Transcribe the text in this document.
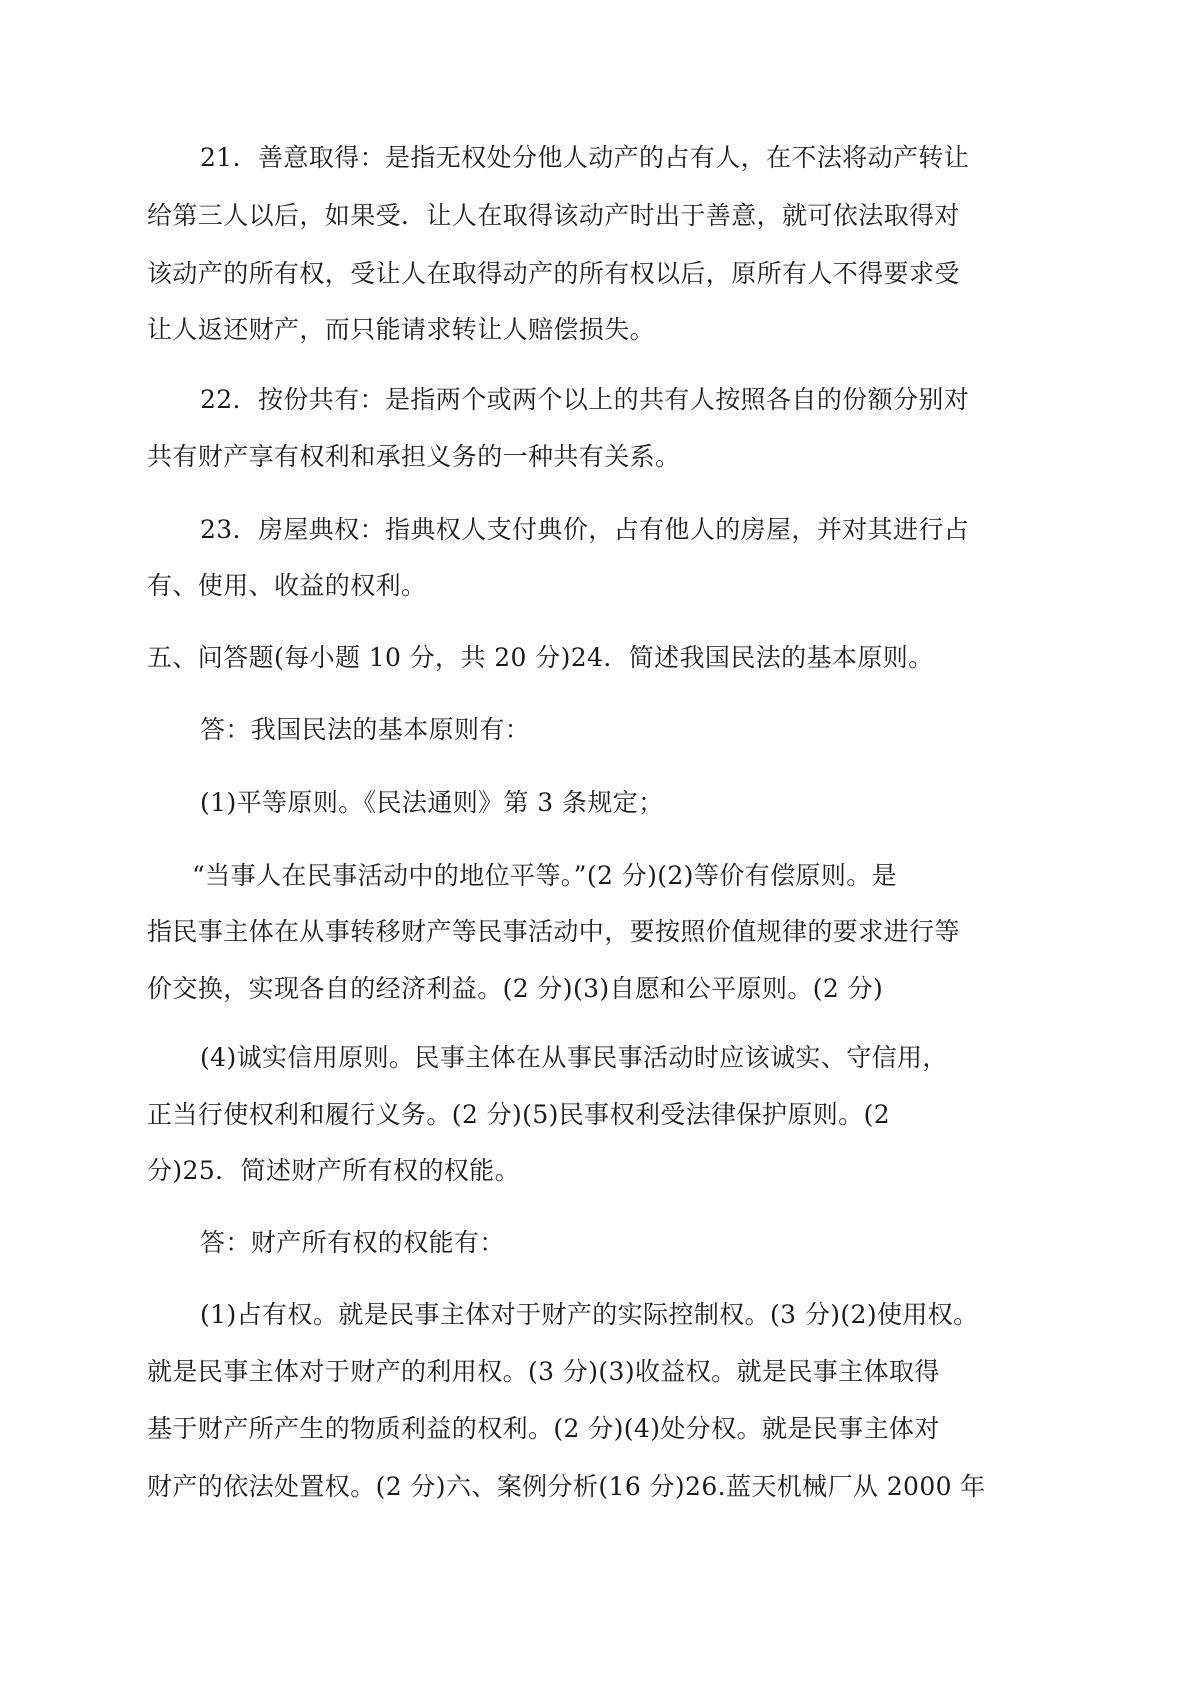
21．善意取得：是指无权处分他人动产的占有人，在不法将动产转让

给第三人以后，如果受．让人在取得该动产时出于善意，就可依法取得对

该动产的所有权，受让人在取得动产的所有权以后，原所有人不得要求受

让人返还财产，而只能请求转让人赔偿损失。

22．按份共有：是指两个或两个以上的共有人按照各自的份额分别对

共有财产享有权利和承担义务的一种共有关系。

23．房屋典权：指典权人支付典价，占有他人的房屋，并对其进行占

有、使用、收益的权利。

五、问答题(每小题 10 分，共 20 分)24．简述我国民法的基本原则。

答：我国民法的基本原则有：

(1)平等原则。《民法通则》第 3 条规定；

“当事人在民事活动中的地位平等。”(2 分)(2)等价有偿原则。是

指民事主体在从事转移财产等民事活动中，要按照价值规律的要求进行等

价交换，实现各自的经济利益。(2 分)(3)自愿和公平原则。(2 分)

(4)诚实信用原则。民事主体在从事民事活动时应该诚实、守信用，

正当行使权利和履行义务。(2 分)(5)民事权利受法律保护原则。(2

分)25．简述财产所有权的权能。

答：财产所有权的权能有：

(1)占有权。就是民事主体对于财产的实际控制权。(3 分)(2)使用权。

就是民事主体对于财产的利用权。(3 分)(3)收益权。就是民事主体取得

基于财产所产生的物质利益的权利。(2 分)(4)处分权。就是民事主体对

财产的依法处置权。(2 分)六、案例分析(16 分)26.蓝天机械厂从 2000 年
